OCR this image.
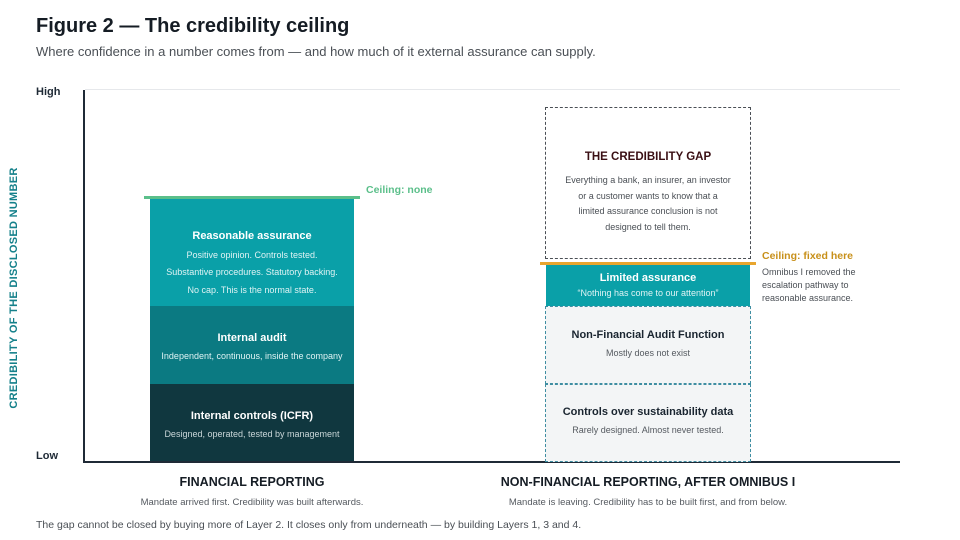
Figure 2 — The credibility ceiling
Where confidence in a number comes from — and how much of it external assurance can supply.
High
Low
CREDIBILITY OF THE DISCLOSED NUMBER	Ceiling: none
Reasonable assurance
Positive opinion. Controls tested.
Substantive procedures. Statutory backing.
No cap. This is the normal state.
Internal audit
Independent, continuous, inside the company
Internal controls (ICFR)
Designed, operated, tested by management
FINANCIAL REPORTING
Mandate arrived first. Credibility was built afterwards.
THE CREDIBILITY GAP
Everything a bank, an insurer, an investor
or a customer wants to know that a
limited assurance conclusion is not
designed to tell them.
Ceiling: fixed here
Omnibus I removed the
escalation pathway to
reasonable assurance.
Limited assurance
“Nothing has come to our attention”
Non-Financial Audit Function
Mostly does not exist
Controls over sustainability data
Rarely designed. Almost never tested.
NON-FINANCIAL REPORTING, AFTER OMNIBUS I
Mandate is leaving. Credibility has to be built first, and from below.
The gap cannot be closed by buying more of Layer 2. It closes only from underneath — by building Layers 1, 3 and 4.
